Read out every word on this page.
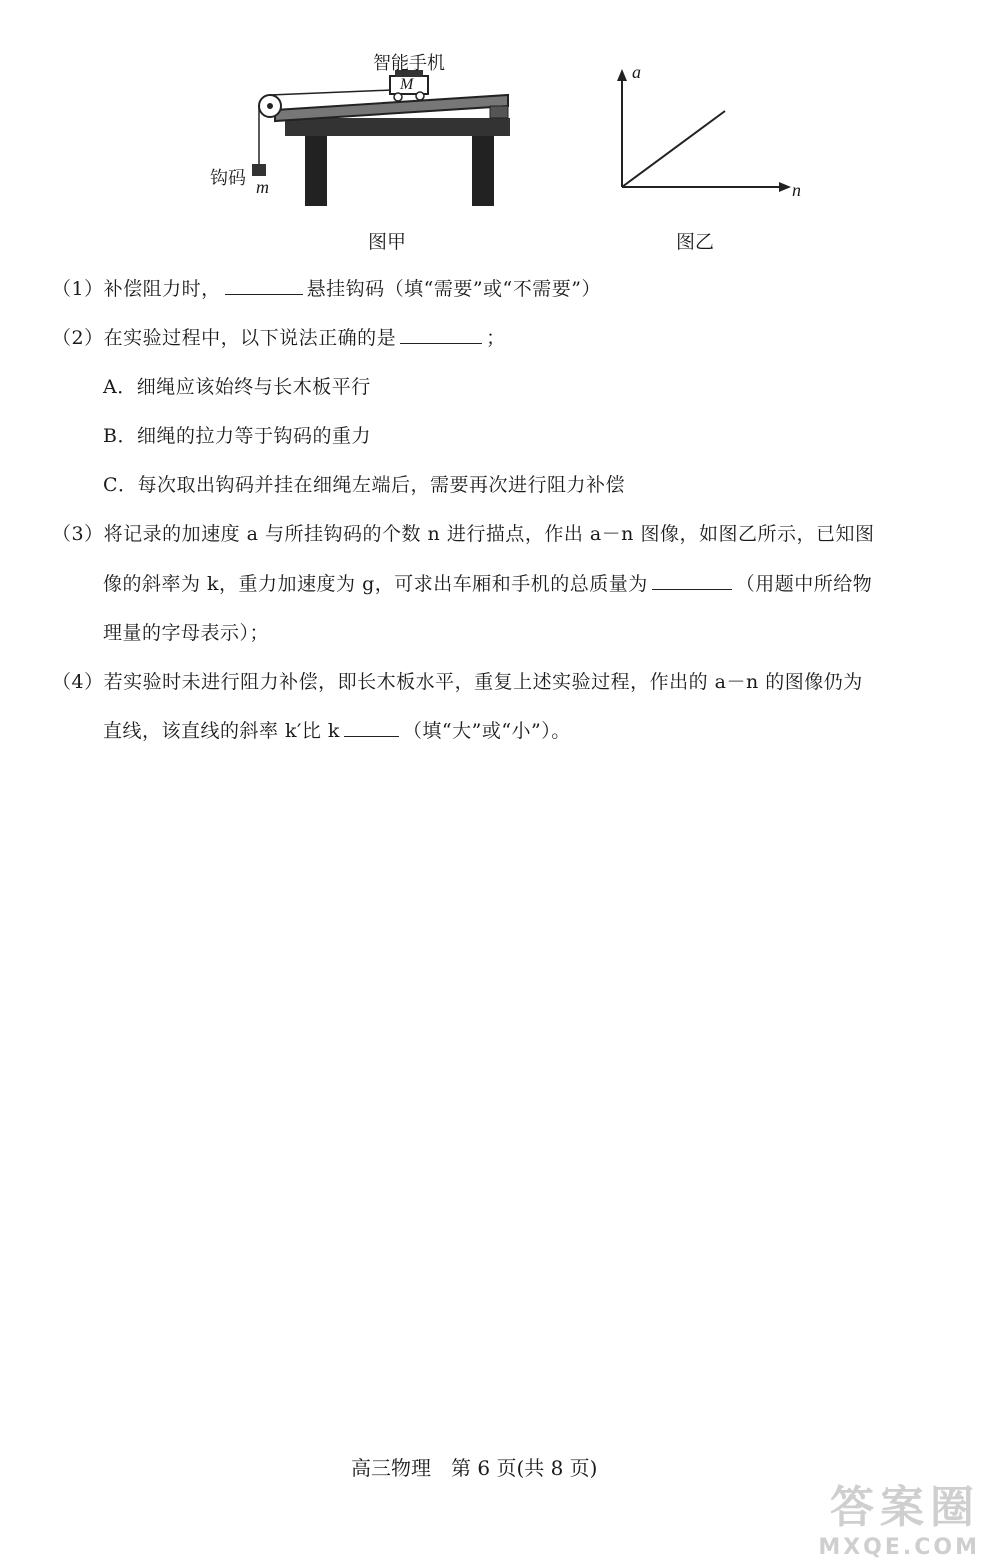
智能手机
M
钩码 m
图甲
a
n
图乙
（1）补偿阻力时，	悬挂钩码（填“需要”或“不需要”）
（2）在实验过程中，以下说法正确的是	；
A．细绳应该始终与长木板平行
B．细绳的拉力等于钩码的重力
C．每次取出钩码并挂在细绳左端后，需要再次进行阻力补偿
（3）将记录的加速度 a 与所挂钩码的个数 n 进行描点，作出 a－n 图像，如图乙所示，已知图
像的斜率为 k，重力加速度为 g，可求出车厢和手机的总质量为	（用题中所给物
理量的字母表示）；
（4）若实验时未进行阻力补偿，即长木板水平，重复上述实验过程，作出的 a－n 的图像仍为
直线，该直线的斜率 k′比 k	（填“大”或“小”）。
高三物理　第 6 页(共 8 页)
答案圈
MXQE.COM
